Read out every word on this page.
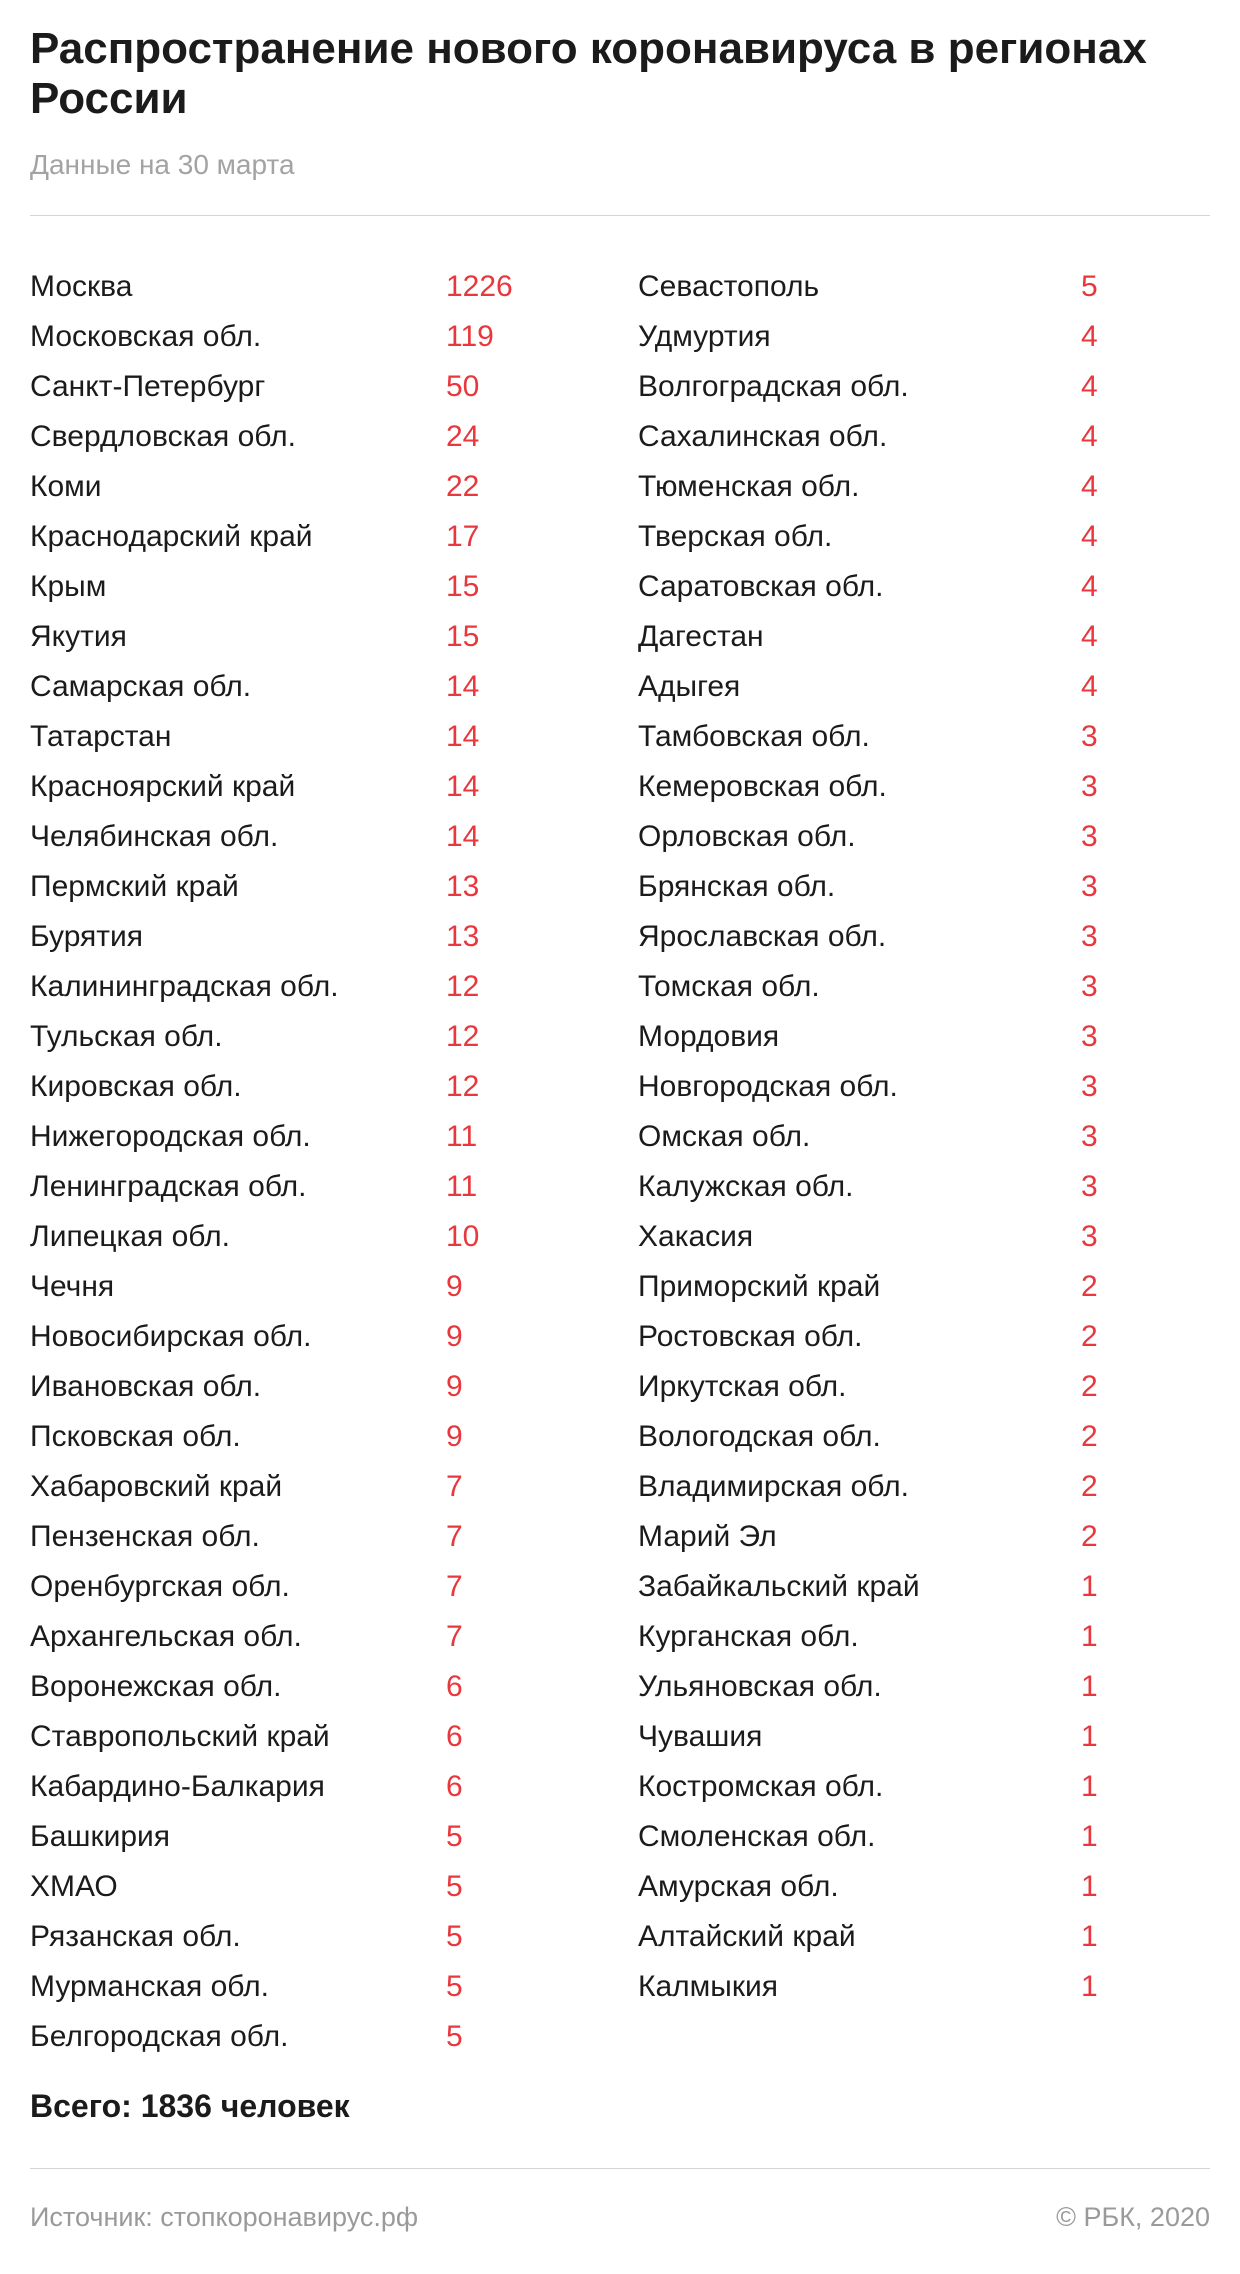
Распространение нового коронавируса в регионах России
Данные на 30 марта
Москва	1226
Московская обл.	119
Санкт-Петербург	50
Свердловская обл.	24
Коми	22
Краснодарский край	17
Крым	15
Якутия	15
Самарская обл.	14
Татарстан	14
Красноярский край	14
Челябинская обл.	14
Пермский край	13
Бурятия	13
Калининградская обл.	12
Тульская обл.	12
Кировская обл.	12
Нижегородская обл.	11
Ленинградская обл.	11
Липецкая обл.	10
Чечня	9
Новосибирская обл.	9
Ивановская обл.	9
Псковская обл.	9
Хабаровский край	7
Пензенская обл.	7
Оренбургская обл.	7
Архангельская обл.	7
Воронежская обл.	6
Ставропольский край	6
Кабардино-Балкария	6
Башкирия	5
ХМАО	5
Рязанская обл.	5
Мурманская обл.	5
Белгородская обл.	5
Севастополь	5
Удмуртия	4
Волгоградская обл.	4
Сахалинская обл.	4
Тюменская обл.	4
Тверская обл.	4
Саратовская обл.	4
Дагестан	4
Адыгея	4
Тамбовская обл.	3
Кемеровская обл.	3
Орловская обл.	3
Брянская обл.	3
Ярославская обл.	3
Томская обл.	3
Мордовия	3
Новгородская обл.	3
Омская обл.	3
Калужская обл.	3
Хакасия	3
Приморский край	2
Ростовская обл.	2
Иркутская обл.	2
Вологодская обл.	2
Владимирская обл.	2
Марий Эл	2
Забайкальский край	1
Курганская обл.	1
Ульяновская обл.	1
Чувашия	1
Костромская обл.	1
Смоленская обл.	1
Амурская обл.	1
Алтайский край	1
Калмыкия	1
Всего: 1836 человек
Источник: стопкоронавирус.рф	© РБК, 2020
